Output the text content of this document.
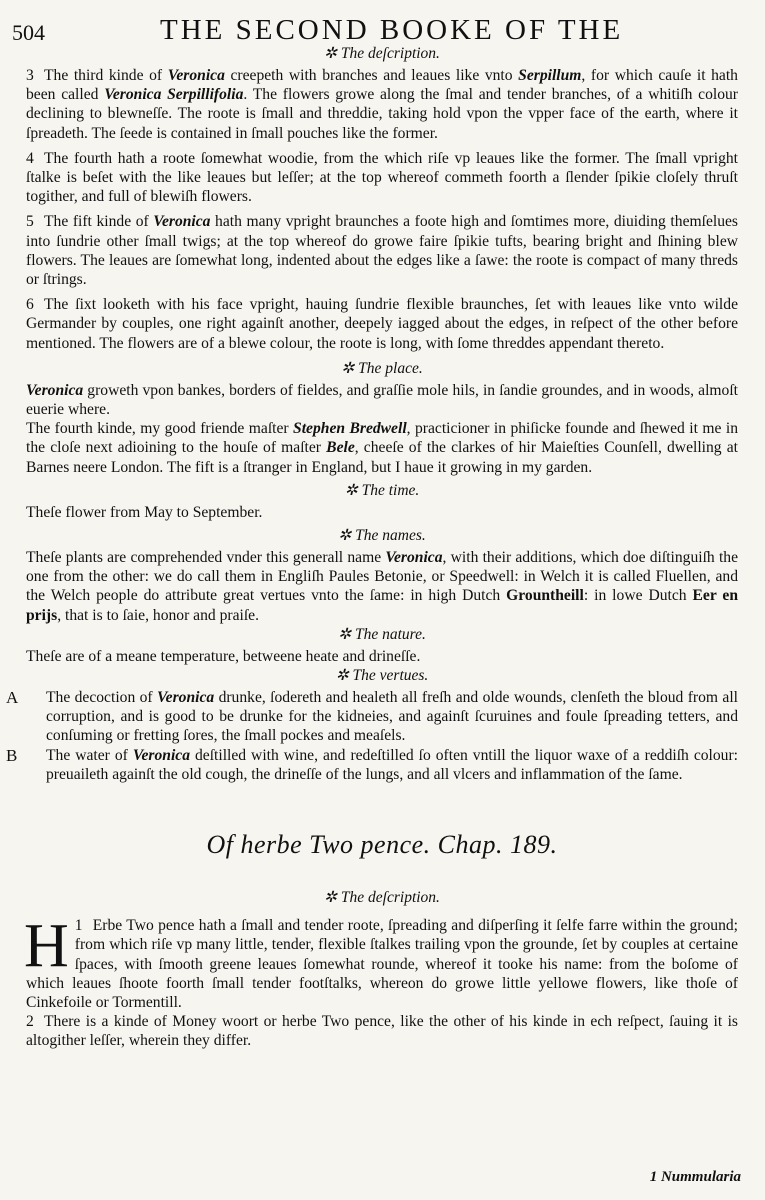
504	THE SECOND BOOKE OF THE
✲ The deſcription.

3 The third kinde of Veronica creepeth with branches and leaues like vnto Serpillum, for which cauſe it hath been called Veronica Serpillifolia. The flowers growe along the ſmal and tender branches, of a whitiſh colour declining to blewneſſe. The roote is ſmall and threddie, taking hold vpon the vpper face of the earth, where it ſpreadeth. The ſeede is contained in ſmall pouches like the former.

4 The fourth hath a roote ſomewhat woodie, from the which riſe vp leaues like the former. The ſmall vpright ſtalke is beſet with the like leaues but leſſer; at the top whereof commeth foorth a ſlender ſpikie cloſely thruſt togither, and full of blewiſh flowers.

5 The fift kinde of Veronica hath many vpright braunches a foote high and ſomtimes more, diuiding themſelues into ſundrie other ſmall twigs; at the top whereof do growe faire ſpikie tufts, bearing bright and ſhining blew flowers. The leaues are ſomewhat long, indented about the edges like a ſawe: the roote is compact of many threds or ſtrings.

6 The ſixt looketh with his face vpright, hauing ſundrie flexible braunches, ſet with leaues like vnto wilde Germander by couples, one right againſt another, deepely iagged about the edges, in reſpect of the other before mentioned. The flowers are of a blewe colour, the roote is long, with ſome threddes appendant thereto.

✲ The place.

Veronica groweth vpon bankes, borders of fieldes, and graſſie mole hils, in ſandie groundes, and in woods, almoſt euerie where.

The fourth kinde, my good friende maſter Stephen Bredwell, practicioner in phiſicke founde and ſhewed it me in the cloſe next adioining to the houſe of maſter Bele, cheeſe of the clarkes of hir Maieſties Counſell, dwelling at Barnes neere London. The fift is a ſtranger in England, but I haue it growing in my garden.

✲ The time.

Theſe flower from May to September.

✲ The names.

Theſe plants are comprehended vnder this generall name Veronica, with their additions, which doe diſtinguiſh the one from the other: we do call them in Engliſh Paules Betonie, or Speedwell: in Welch it is called Fluellen, and the Welch people do attribute great vertues vnto the ſame: in high Dutch Grountheill: in lowe Dutch Eer en prijs, that is to ſaie, honor and praiſe.

✲ The nature.

Theſe are of a meane temperature, betweene heate and drineſſe.

✲ The vertues.

A The decoction of Veronica drunke, ſodereth and healeth all freſh and olde wounds, clenſeth the bloud from all corruption, and is good to be drunke for the kidneies, and againſt ſcuruines and foule ſpreading tetters, and conſuming or fretting ſores, the ſmall pockes and meaſels.

B The water of Veronica deſtilled with wine, and redeſtilled ſo often vntill the liquor waxe of a reddiſh colour: preuaileth againſt the old cough, the drineſſe of the lungs, and all vlcers and inflammation of the ſame.

Of herbe Two pence. Chap. 189.
✲ The deſcription.

1
H Erbe Two pence hath a ſmall and tender roote, ſpreading and diſperſing it ſelfe farre within the ground; from which riſe vp many little, tender, flexible ſtalkes trailing vpon the grounde, ſet by couples at certaine ſpaces, with ſmooth greene leaues ſomewhat rounde, whereof it tooke his name: from the boſome of which leaues ſhoote foorth ſmall tender footſtalks, whereon do growe little yellowe flowers, like thoſe of Cinkefoile or Tormentill.

2 There is a kinde of Money woort or herbe Two pence, like the other of his kinde in ech reſpect, ſauing it is altogither leſſer, wherein they differ.

1 Nummularia
